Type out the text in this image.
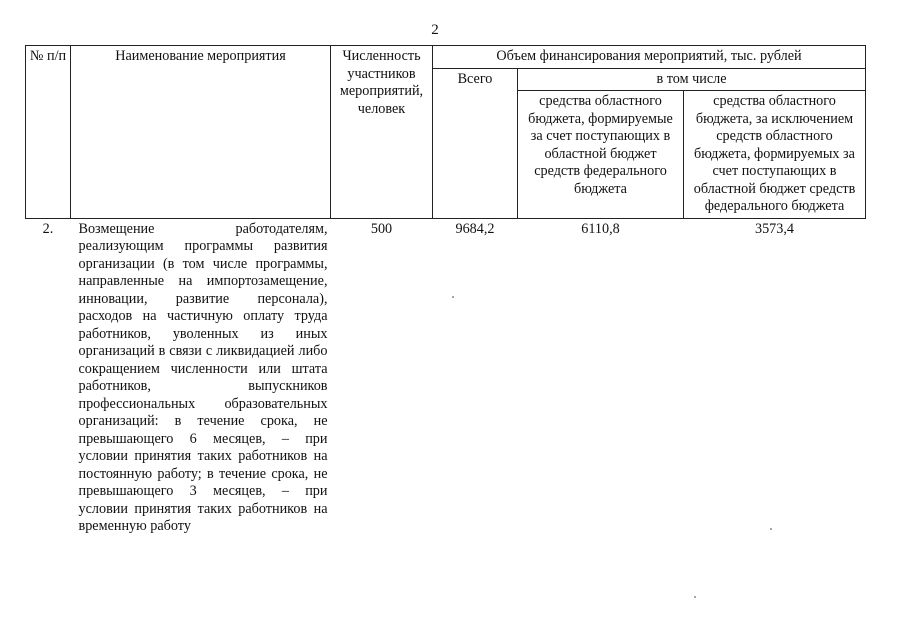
2
№ п/п	Наименование мероприятия	Численность участников мероприятий, человек	Объем финансирования мероприятий, тыс. рублей		
			Всего	в том числе	
				средства областного бюджета, формируемые за счет поступающих в областной бюджет средств федерального бюджета	средства областного бюджета, за исключением средств областного бюджета, формируемых за счет поступающих в областной бюджет средств федерального бюджета
2.	Возмещение работодателям, реализующим программы развития организации (в том числе программы, направленные на импортозамещение, инновации, развитие персонала), расходов на частичную оплату труда работников, уволенных из иных организаций в связи с ликвидацией либо сокращением численности или штата работников, выпускников профессиональных образовательных организаций: в течение срока, не превышающего 6 месяцев, – при условии принятия таких работников на постоянную работу; в течение срока, не превышающего 3 месяцев, – при условии принятия таких работников на временную работу	500	9684,2	6110,8	3573,4
